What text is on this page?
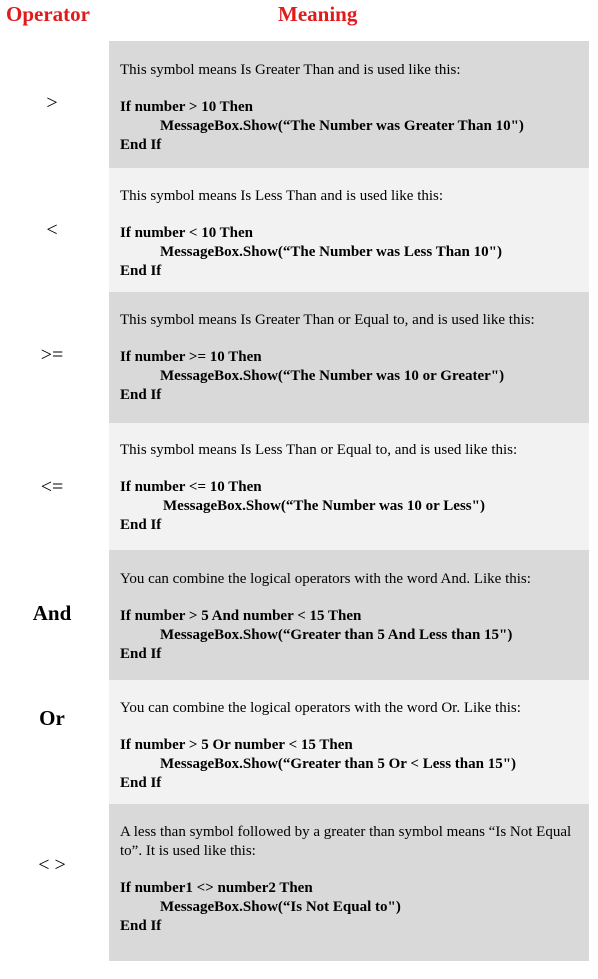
Operator	Meaning
>
This symbol means Is Greater Than and is used like this:
If number > 10 Then
MessageBox.Show(“The Number was Greater Than 10")
End If
<
This symbol means Is Less Than and is used like this:
If number < 10 Then
MessageBox.Show(“The Number was Less Than 10")
End If
>=
This symbol means Is Greater Than or Equal to, and is used like this:
If number >= 10 Then
MessageBox.Show(“The Number was 10 or Greater")
End If
<=
This symbol means Is Less Than or Equal to, and is used like this:
If number <= 10 Then
MessageBox.Show(“The Number was 10 or Less")
End If
And
You can combine the logical operators with the word And. Like this:
If number > 5 And number < 15 Then
MessageBox.Show(“Greater than 5 And Less than 15")
End If
Or	You can combine the logical operators with the word Or. Like this:
If number > 5 Or number < 15 Then
MessageBox.Show(“Greater than 5 Or < Less than 15")
End If
< >
A less than symbol followed by a greater than symbol means “Is Not Equal to”. It is used like this:
If number1 <> number2 Then
MessageBox.Show(“Is Not Equal to")
End If
